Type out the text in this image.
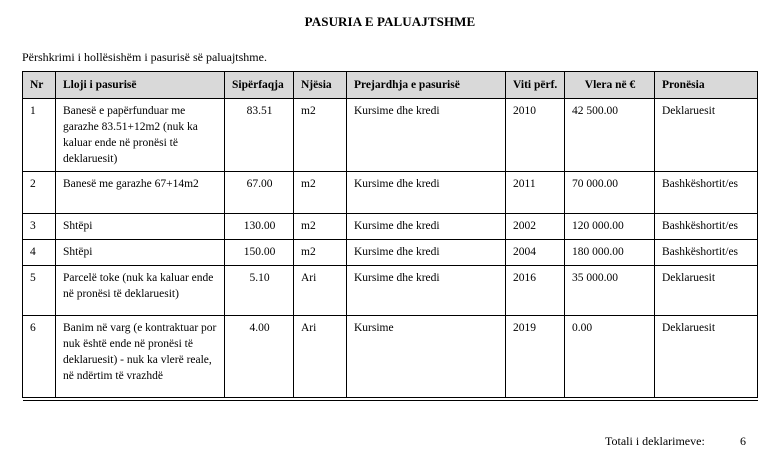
PASURIA E PALUAJTSHME
Përshkrimi i hollësishëm i pasurisë së paluajtshme.
Nr	Lloji i pasurisë	Sipërfaqja	Njësia	Prejardhja e pasurisë	Viti përf.	Vlera në €	Pronësia
1	Banesë e papërfunduar me garazhe 83.51+12m2 (nuk ka kaluar ende në pronësi të deklaruesit)	83.51	m2	Kursime dhe kredi	2010	42 500.00	Deklaruesit
2	Banesë me garazhe 67+14m2	67.00	m2	Kursime dhe kredi	2011	70 000.00	Bashkëshortit/es
3	Shtëpi	130.00	m2	Kursime dhe kredi	2002	120 000.00	Bashkëshortit/es
4	Shtëpi	150.00	m2	Kursime dhe kredi	2004	180 000.00	Bashkëshortit/es
5	Parcelë toke (nuk ka kaluar ende në pronësi të deklaruesit)	5.10	Ari	Kursime dhe kredi	2016	35 000.00	Deklaruesit
6	Banim në varg (e kontraktuar por nuk është ende në pronësi të deklaruesit) - nuk ka vlerë reale, në ndërtim të vrazhdë	4.00	Ari	Kursime	2019	0.00	Deklaruesit

Totali i deklarimeve:	6
